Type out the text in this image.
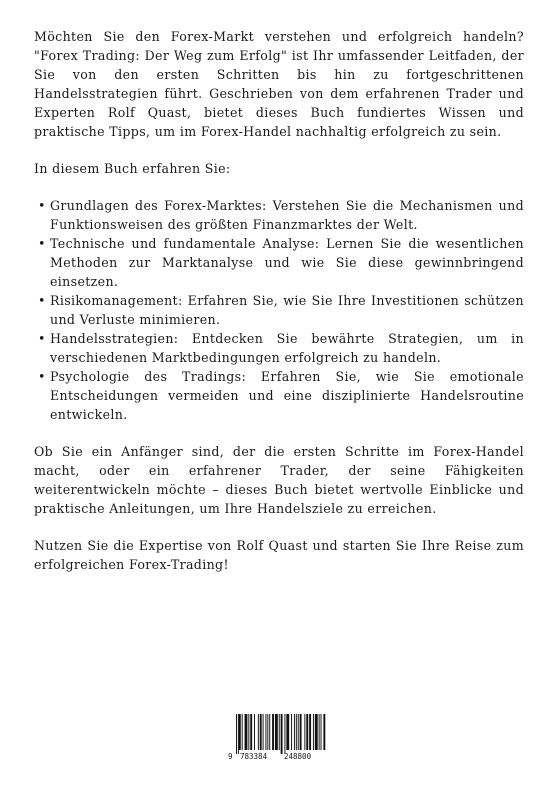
Möchten Sie den Forex-Markt verstehen und erfolgreich handeln? "Forex Trading: Der Weg zum Erfolg" ist Ihr umfassender Leitfaden, der Sie von den ersten Schritten bis hin zu fortgeschrittenen Handelsstrategien führt. Geschrieben von dem erfahrenen Trader und Experten Rolf Quast, bietet dieses Buch fundiertes Wissen und praktische Tipps, um im Forex-Handel nachhaltig erfolgreich zu sein.

In diesem Buch erfahren Sie:

• Grundlagen des Forex-Marktes: Verstehen Sie die Mechanismen und Funktionsweisen des größten Finanzmarktes der Welt.
• Technische und fundamentale Analyse: Lernen Sie die wesentlichen Methoden zur Marktanalyse und wie Sie diese gewinnbringend einsetzen.
• Risikomanagement: Erfahren Sie, wie Sie Ihre Investitionen schützen und Verluste minimieren.
• Handelsstrategien: Entdecken Sie bewährte Strategien, um in verschiedenen Marktbedingungen erfolgreich zu handeln.
• Psychologie des Tradings: Erfahren Sie, wie Sie emotionale Entscheidungen vermeiden und eine disziplinierte Handelsroutine entwickeln.

Ob Sie ein Anfänger sind, der die ersten Schritte im Forex-Handel macht, oder ein erfahrener Trader, der seine Fähigkeiten weiterentwickeln möchte – dieses Buch bietet wertvolle Einblicke und praktische Anleitungen, um Ihre Handelsziele zu erreichen.

Nutzen Sie die Expertise von Rolf Quast und starten Sie Ihre Reise zum erfolgreichen Forex-Trading!

9 783384 248800
